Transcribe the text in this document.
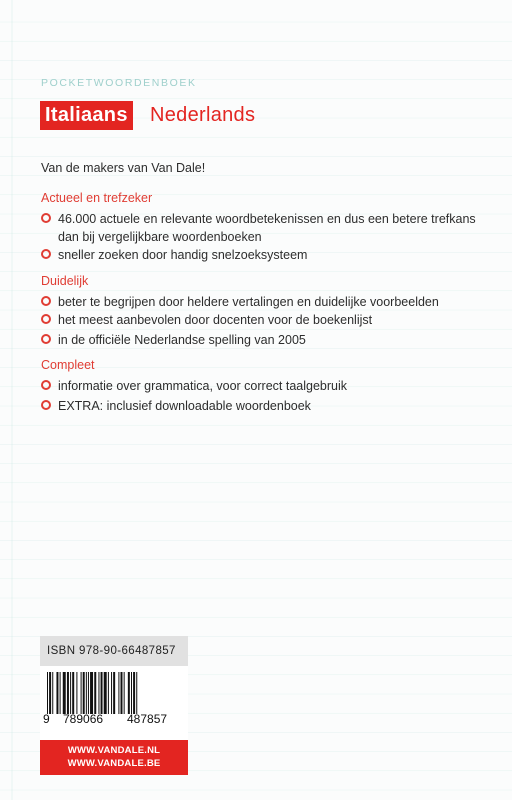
POCKETWOORDENBOEK
Italiaans Nederlands
Van de makers van Van Dale!
Actueel en trefzeker
46.000 actuele en relevante woordbetekenissen en dus een betere trefkans dan bij vergelijkbare woordenboeken
sneller zoeken door handig snelzoeksysteem
Duidelijk
beter te begrijpen door heldere vertalingen en duidelijke voorbeelden
het meest aanbevolen door docenten voor de boekenlijst
in de officiële Nederlandse spelling van 2005
Compleet
informatie over grammatica, voor correct taalgebruik
EXTRA: inclusief downloadable woordenboek
ISBN 978-90-66487857
9 789066 487857
WWW.VANDALE.NL
WWW.VANDALE.BE
